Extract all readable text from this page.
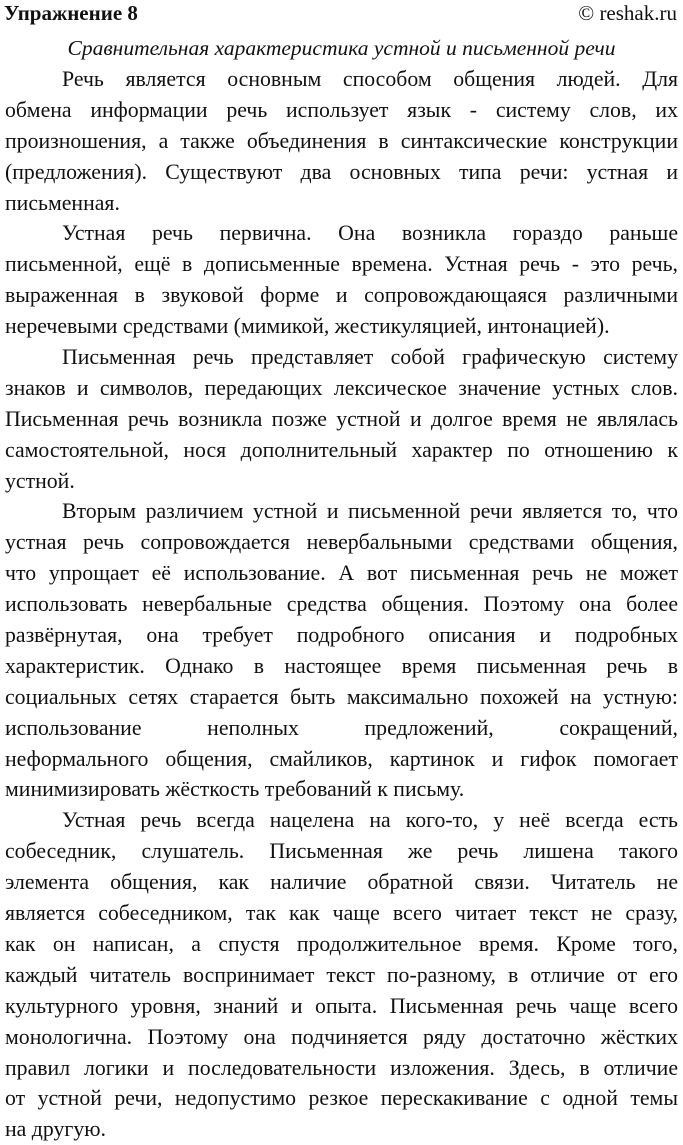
Упражнение 8	© reshak.ru
Сравнительная характеристика устной и письменной речи
Речь является основным способом общения людей. Для
обмена информации речь использует язык - систему слов, их
произношения, а также объединения в синтаксические конструкции
(предложения). Существуют два основных типа речи: устная и
письменная.
Устная речь первична. Она возникла гораздо раньше
письменной, ещё в дописьменные времена. Устная речь - это речь,
выраженная в звуковой форме и сопровождающаяся различными
неречевыми средствами (мимикой, жестикуляцией, интонацией).
Письменная речь представляет собой графическую систему
знаков и символов, передающих лексическое значение устных слов.
Письменная речь возникла позже устной и долгое время не являлась
самостоятельной, нося дополнительный характер по отношению к
устной.
Вторым различием устной и письменной речи является то, что
устная речь сопровождается невербальными средствами общения,
что упрощает её использование. А вот письменная речь не может
использовать невербальные средства общения. Поэтому она более
развёрнутая, она требует подробного описания и подробных
характеристик. Однако в настоящее время письменная речь в
социальных сетях старается быть максимально похожей на устную:
использование неполных предложений, сокращений,
неформального общения, смайликов, картинок и гифок помогает
минимизировать жёсткость требований к письму.
Устная речь всегда нацелена на кого-то, у неё всегда есть
собеседник, слушатель. Письменная же речь лишена такого
элемента общения, как наличие обратной связи. Читатель не
является собеседником, так как чаще всего читает текст не сразу,
как он написан, а спустя продолжительное время. Кроме того,
каждый читатель воспринимает текст по-разному, в отличие от его
культурного уровня, знаний и опыта. Письменная речь чаще всего
монологична. Поэтому она подчиняется ряду достаточно жёстких
правил логики и последовательности изложения. Здесь, в отличие
от устной речи, недопустимо резкое перескакивание с одной темы
на другую.
